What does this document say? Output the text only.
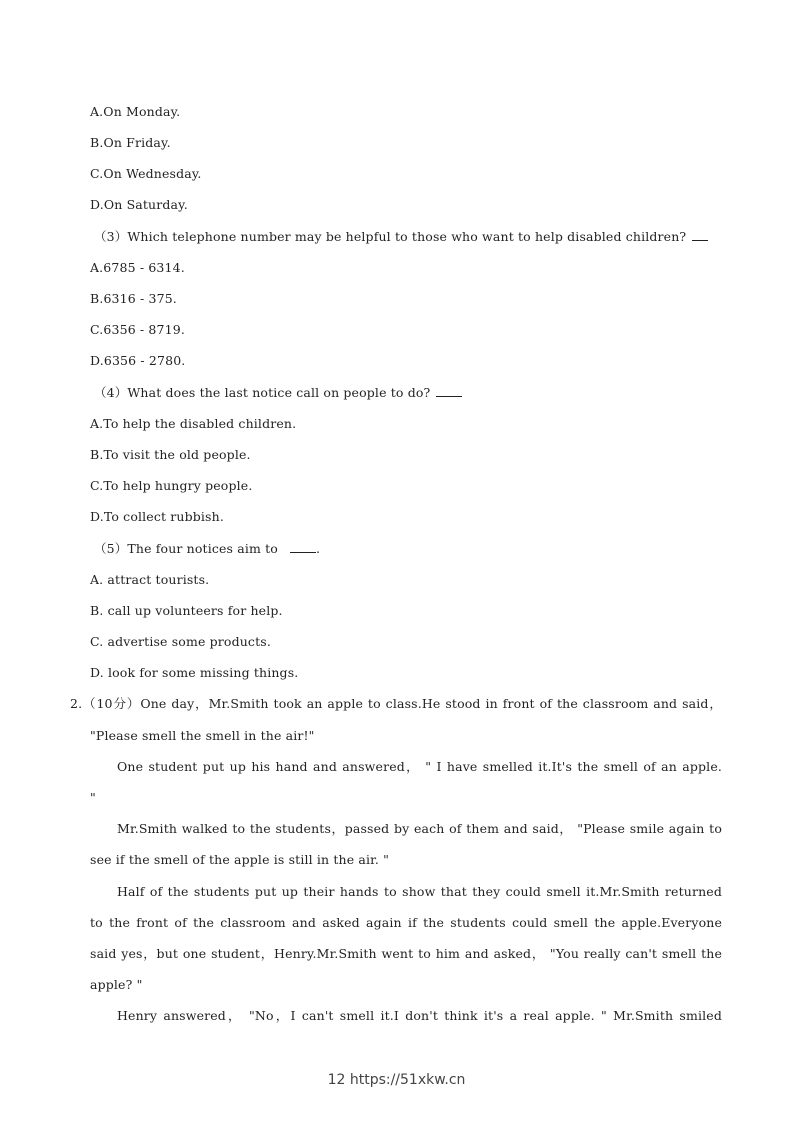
A.On Monday.
B.On Friday.
C.On Wednesday.
D.On Saturday.
（3）Which telephone number may be helpful to those who want to help disabled children?
A.6785 - 6314.
B.6316 - 375.
C.6356 - 8719.
D.6356 - 2780.
（4）What does the last notice call on people to do?
A.To help the disabled children.
B.To visit the old people.
C.To help hungry people.
D.To collect rubbish.
（5）The four notices aim to	.
A. attract tourists.
B. call up volunteers for help.
C. advertise some products.
D. look for some missing things.
2.（10分）One day，Mr.Smith took an apple to class.He stood in front of the classroom and said，
"Please smell the smell in the air!"
One student put up his hand and answered， " I have smelled it.It's the smell of an apple.
"
Mr.Smith walked to the students，passed by each of them and said， "Please smile again to
see if the smell of the apple is still in the air. "
Half of the students put up their hands to show that they could smell it.Mr.Smith returned
to the front of the classroom and asked again if the students could smell the apple.Everyone
said yes，but one student，Henry.Mr.Smith went to him and asked， "You really can't smell the
apple? "
Henry answered， "No，I can't smell it.I don't think it's a real apple. " Mr.Smith smiled
12 https://51xkw.cn
